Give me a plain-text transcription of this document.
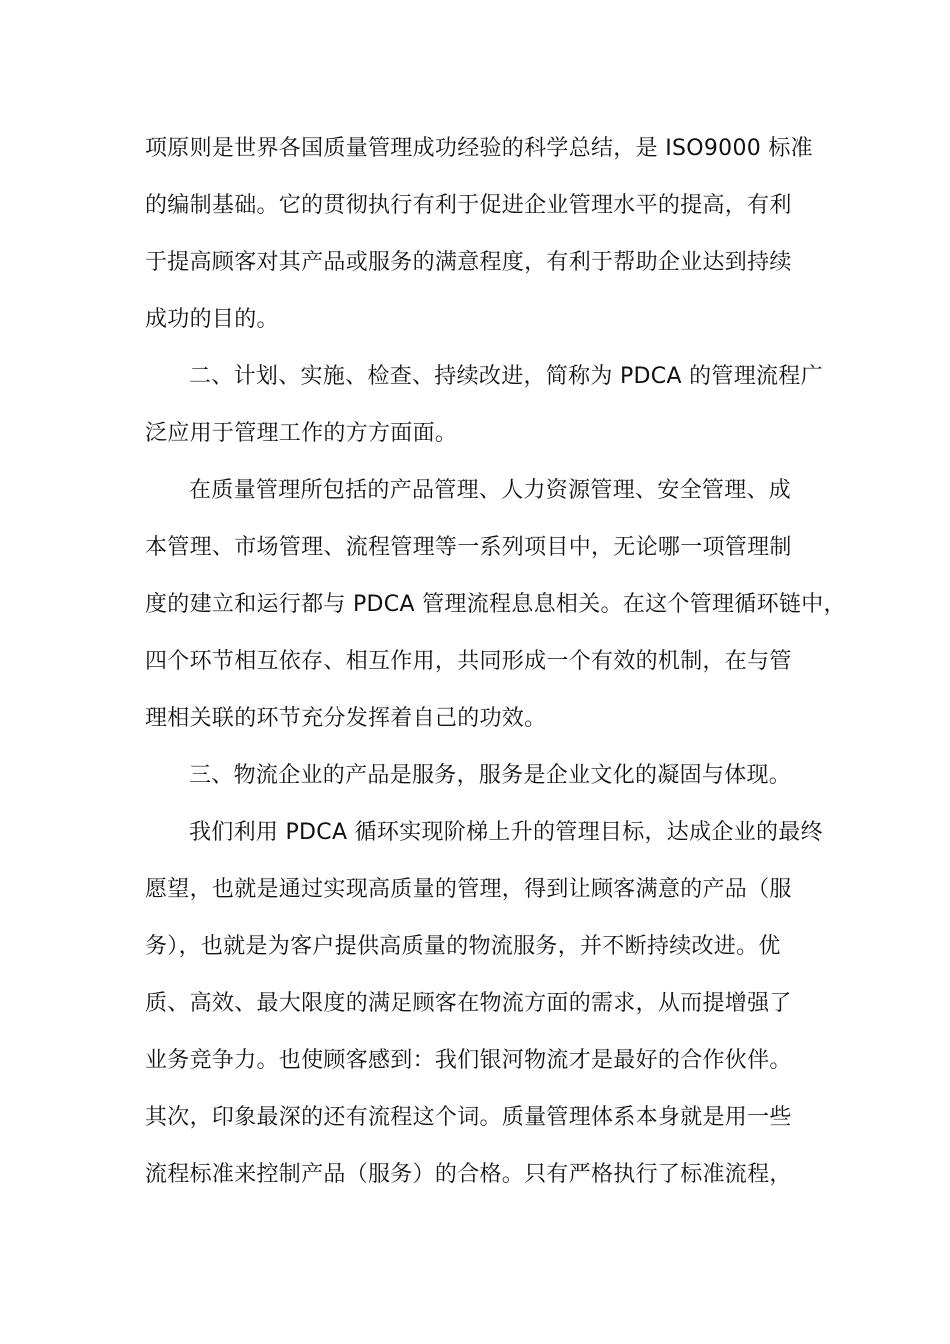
项原则是世界各国质量管理成功经验的科学总结，是 ISO9000 标准
的编制基础。它的贯彻执行有利于促进企业管理水平的提高，有利
于提高顾客对其产品或服务的满意程度，有利于帮助企业达到持续
成功的目的。
二、计划、实施、检查、持续改进，简称为 PDCA 的管理流程广
泛应用于管理工作的方方面面。
在质量管理所包括的产品管理、人力资源管理、安全管理、成
本管理、市场管理、流程管理等一系列项目中，无论哪一项管理制
度的建立和运行都与 PDCA 管理流程息息相关。在这个管理循环链中，
四个环节相互依存、相互作用，共同形成一个有效的机制，在与管
理相关联的环节充分发挥着自己的功效。
三、物流企业的产品是服务，服务是企业文化的凝固与体现。
我们利用 PDCA 循环实现阶梯上升的管理目标，达成企业的最终
愿望，也就是通过实现高质量的管理，得到让顾客满意的产品（服
务），也就是为客户提供高质量的物流服务，并不断持续改进。优
质、高效、最大限度的满足顾客在物流方面的需求，从而提增强了
业务竞争力。也使顾客感到：我们银河物流才是最好的合作伙伴。
其次，印象最深的还有流程这个词。质量管理体系本身就是用一些
流程标准来控制产品（服务）的合格。只有严格执行了标准流程，
